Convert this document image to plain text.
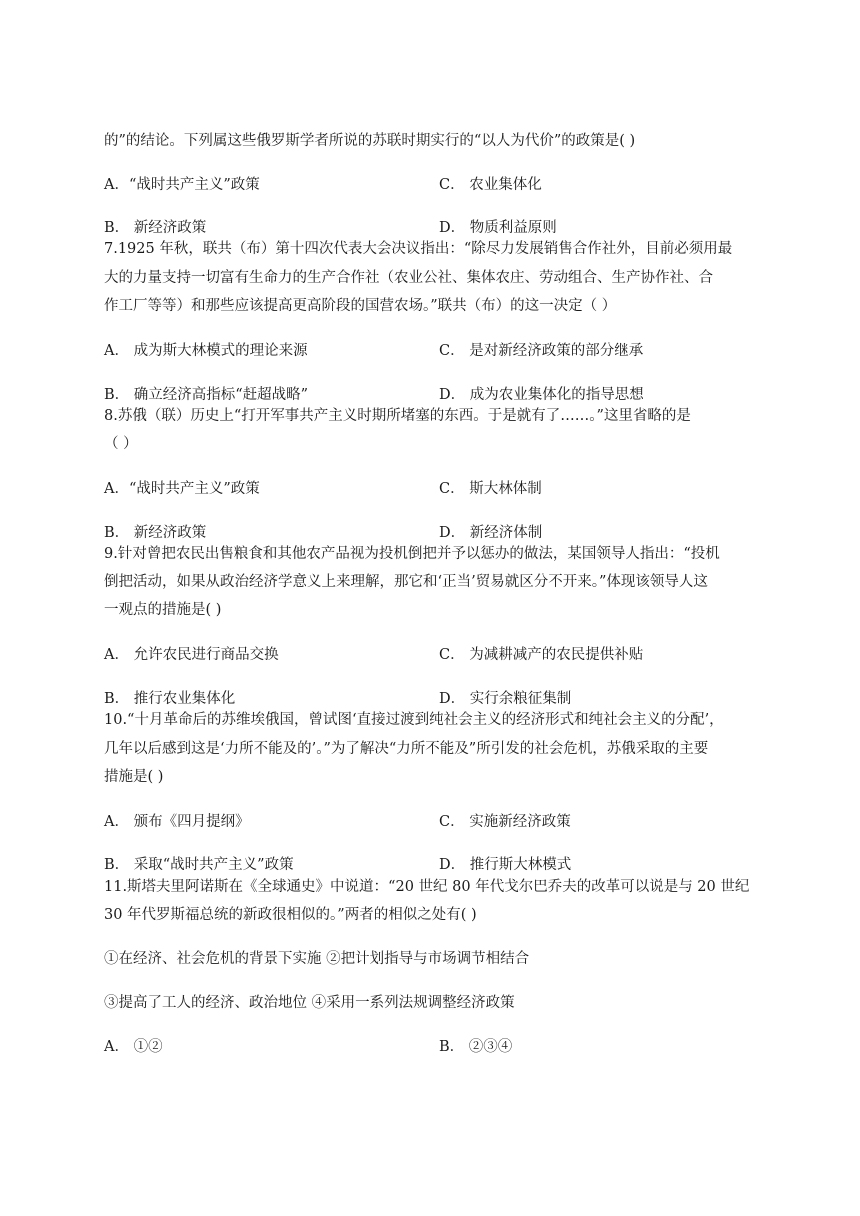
的”的结论。下列属这些俄罗斯学者所说的苏联时期实行的“以人为代价”的政策是( )
A．“战时共产主义”政策	C． 农业集体化
B． 新经济政策	D． 物质利益原则
7.1925 年秋，联共（布）第十四次代表大会决议指出：“除尽力发展销售合作社外，目前必须用最
大的力量支持一切富有生命力的生产合作社（农业公社、集体农庄、劳动组合、生产协作社、合
作工厂等等）和那些应该提高更高阶段的国营农场。”联共（布）的这一决定（ ）
A． 成为斯大林模式的理论来源	C． 是对新经济政策的部分继承
B． 确立经济高指标“赶超战略”	D． 成为农业集体化的指导思想
8.苏俄（联）历史上“打开军事共产主义时期所堵塞的东西。于是就有了……。”这里省略的是
（ ）
A．“战时共产主义”政策	C． 斯大林体制
B． 新经济政策	D． 新经济体制
9.针对曾把农民出售粮食和其他农产品视为投机倒把并予以惩办的做法，某国领导人指出：“投机
倒把活动，如果从政治经济学意义上来理解，那它和‘正当’贸易就区分不开来。”体现该领导人这
一观点的措施是( )
A． 允许农民进行商品交换	C． 为减耕减产的农民提供补贴
B． 推行农业集体化	D． 实行余粮征集制
10.“十月革命后的苏维埃俄国，曾试图‘直接过渡到纯社会主义的经济形式和纯社会主义的分配’，
几年以后感到这是‘力所不能及的’。”为了解决“力所不能及”所引发的社会危机，苏俄采取的主要
措施是( )
A． 颁布《四月提纲》	C． 实施新经济政策
B． 采取“战时共产主义”政策	D． 推行斯大林模式
11.斯塔夫里阿诺斯在《全球通史》中说道：“20 世纪 80 年代戈尔巴乔夫的改革可以说是与 20 世纪
30 年代罗斯福总统的新政很相似的。”两者的相似之处有( )
①在经济、社会危机的背景下实施 ②把计划指导与市场调节相结合
③提高了工人的经济、政治地位 ④采用一系列法规调整经济政策
A． ①②	B． ②③④
